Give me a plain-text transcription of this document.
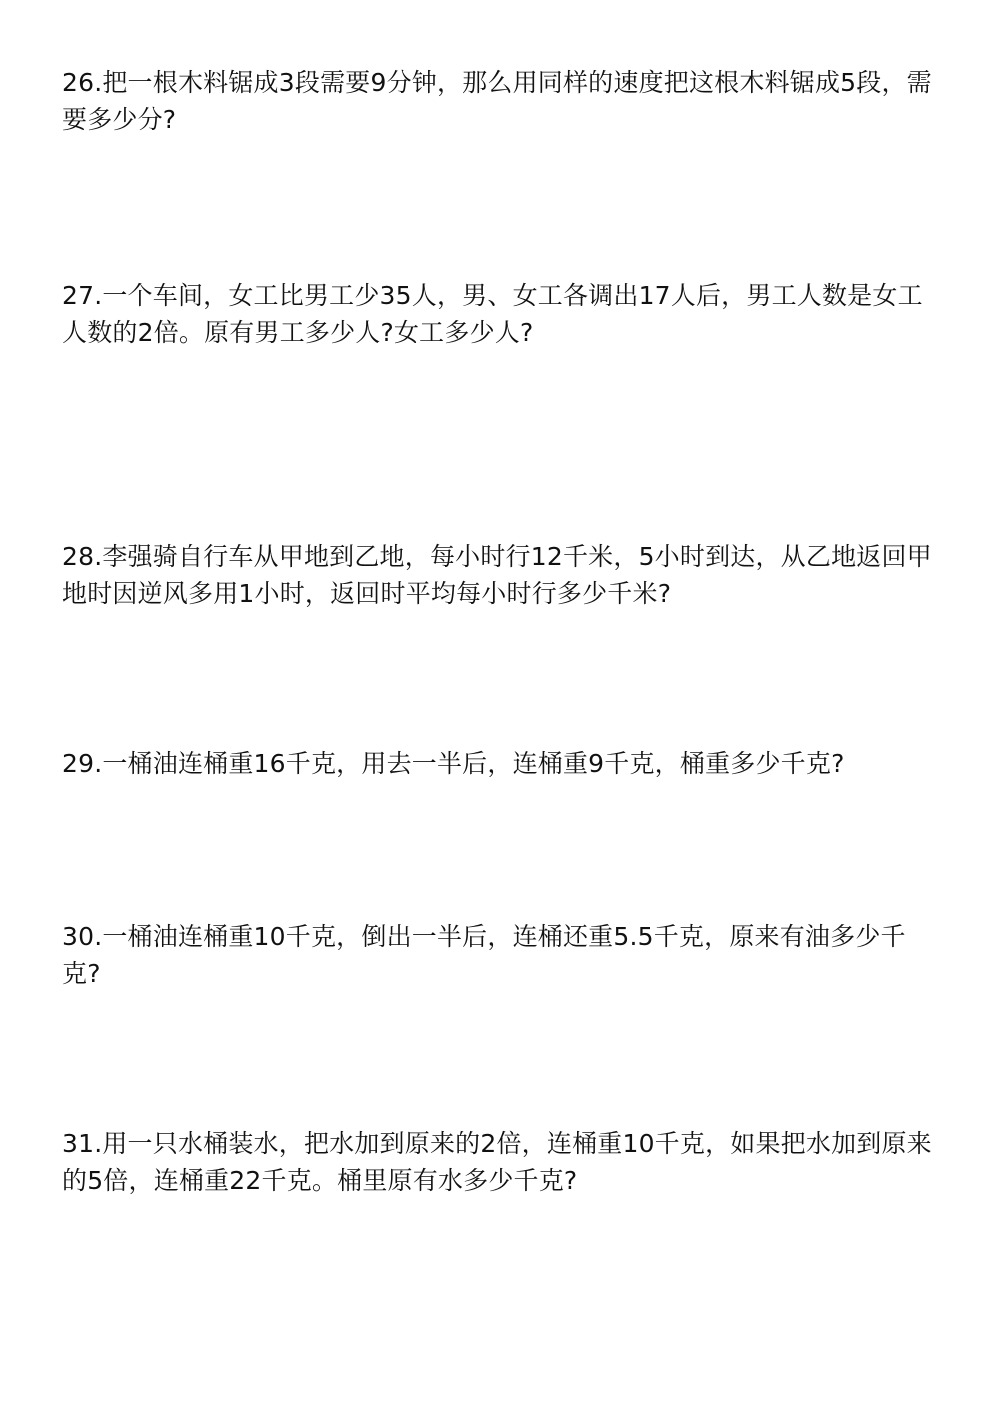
26.把一根木料锯成3段需要9分钟，那么用同样的速度把这根木料锯成5段，需要多少分?

27.一个车间，女工比男工少35人，男、女工各调出17人后，男工人数是女工人数的2倍。原有男工多少人?女工多少人?

28.李强骑自行车从甲地到乙地，每小时行12千米，5小时到达，从乙地返回甲地时因逆风多用1小时，返回时平均每小时行多少千米?

29.一桶油连桶重16千克，用去一半后，连桶重9千克，桶重多少千克?

30.一桶油连桶重10千克，倒出一半后，连桶还重5.5千克，原来有油多少千克?

31.用一只水桶装水，把水加到原来的2倍，连桶重10千克，如果把水加到原来的5倍，连桶重22千克。桶里原有水多少千克?
